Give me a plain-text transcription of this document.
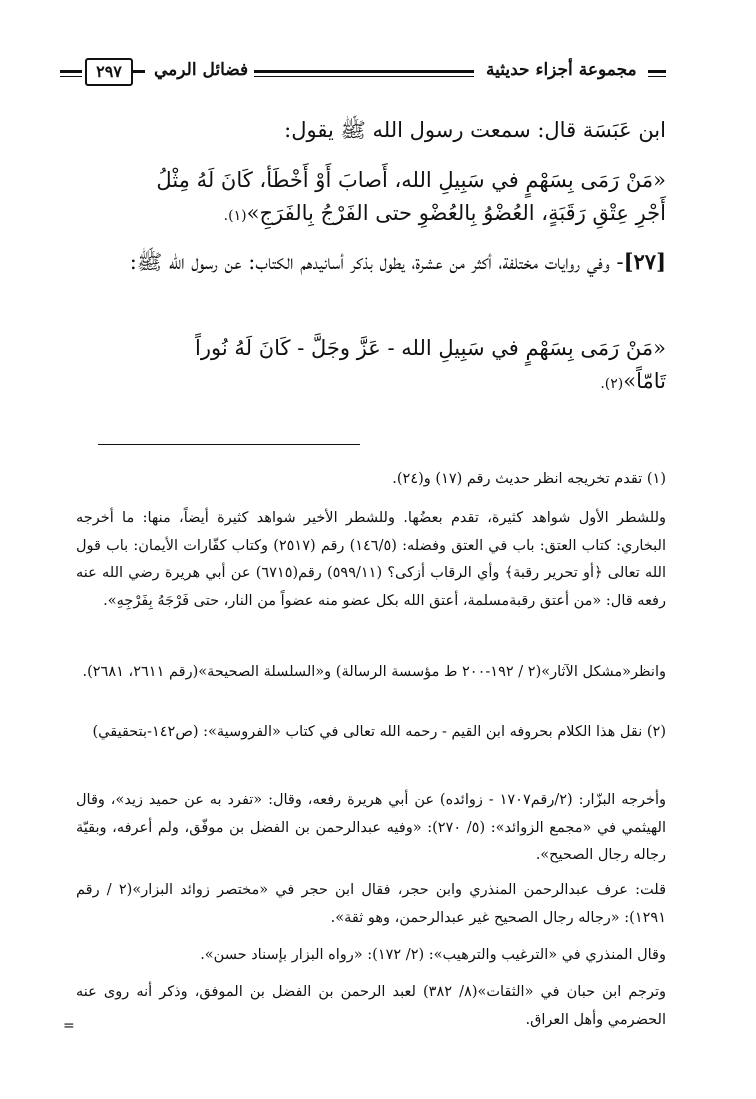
٢٩٧	فضائل الرمي	مجموعة أجزاء حديثية

ابن عَبَسَة قال: سمعت رسول الله ﷺ يقول:

«مَنْ رَمَى بِسَهْمٍ في سَبِيلِ الله، أَصابَ أَوْ أَخْطَأ، كَانَ لَهُ مِثْلُ

أَجْرِ عِتْقِ رَقَبَةٍ، العُضْوُ بِالعُضْوِ حتى الفَرْجُ بِالفَرَجِ»(١).

[٢٧]- وفي روايات مختلفة، أكثر من عشرة، يطول بذكر أسانيدهم الكتاب: عن رسول الله ﷺ:

«مَنْ رَمَى بِسَهْمٍ في سَبِيلِ الله - عَزَّ وجَلَّ - كَانَ لَهُ نُوراً

تَامّاً»(٢).

(١) تقدم تخريجه انظر حديث رقم (١٧) و(٢٤).
وللشطر الأول شواهد كثيرة، تقدم بعضُها. وللشطر الأخير شواهد كثيرة أيضاً، منها: ما أخرجه البخاري: كتاب العتق: باب في العتق وفضله: (١٤٦/٥) رقم (٢٥١٧) وكتاب كفّارات الأيمان: باب قول الله تعالى ﴿أو تحرير رقبة﴾ وأي الرقاب أزكى؟ (٥٩٩/١١) رقم(٦٧١٥) عن أبي هريرة رضي الله عنه رفعه قال: «من أعتق رقبةمسلمة، أعتق الله بكل عضو منه عضواً من النار، حتى فَرْجَهُ بِفَرْجِهِ».
وانظر«مشكل الآثار»(٢ / ١٩٢-٢٠٠ ط مؤسسة الرسالة) و«السلسلة الصحيحة»(رقم ٢٦١١، ٢٦٨١).
(٢) نقل هذا الكلام بحروفه ابن القيم - رحمه الله تعالى في كتاب «الفروسية»: (ص١٤٢-بتحقيقي)
وأخرجه البزّار: (٢/رقم١٧٠٧ - زوائده) عن أبي هريرة رفعه، وقال: «تفرد به عن حميد زيد»، وقال الهيثمي في «مجمع الزوائد»: (٥/ ٢٧٠): «وفيه عبدالرحمن بن الفضل بن موفّق، ولم أعرفه، وبقيّة رجاله رجال الصحيح».
قلت: عرف عبدالرحمن المنذري وابن حجر، فقال ابن حجر في «مختصر زوائد البزار»(٢ / رقم ١٢٩١): «رجاله رجال الصحيح غير عبدالرحمن، وهو ثقة».
وقال المنذري في «الترغيب والترهيب»: (٢/ ١٧٢): «رواه البزار بإسناد حسن».
وترجم ابن حبان في «الثقات»(٨/ ٣٨٢) لعبد الرحمن بن الفضل بن الموفق، وذكر أنه روى عنه الحضرمي وأهل العراق.
=
